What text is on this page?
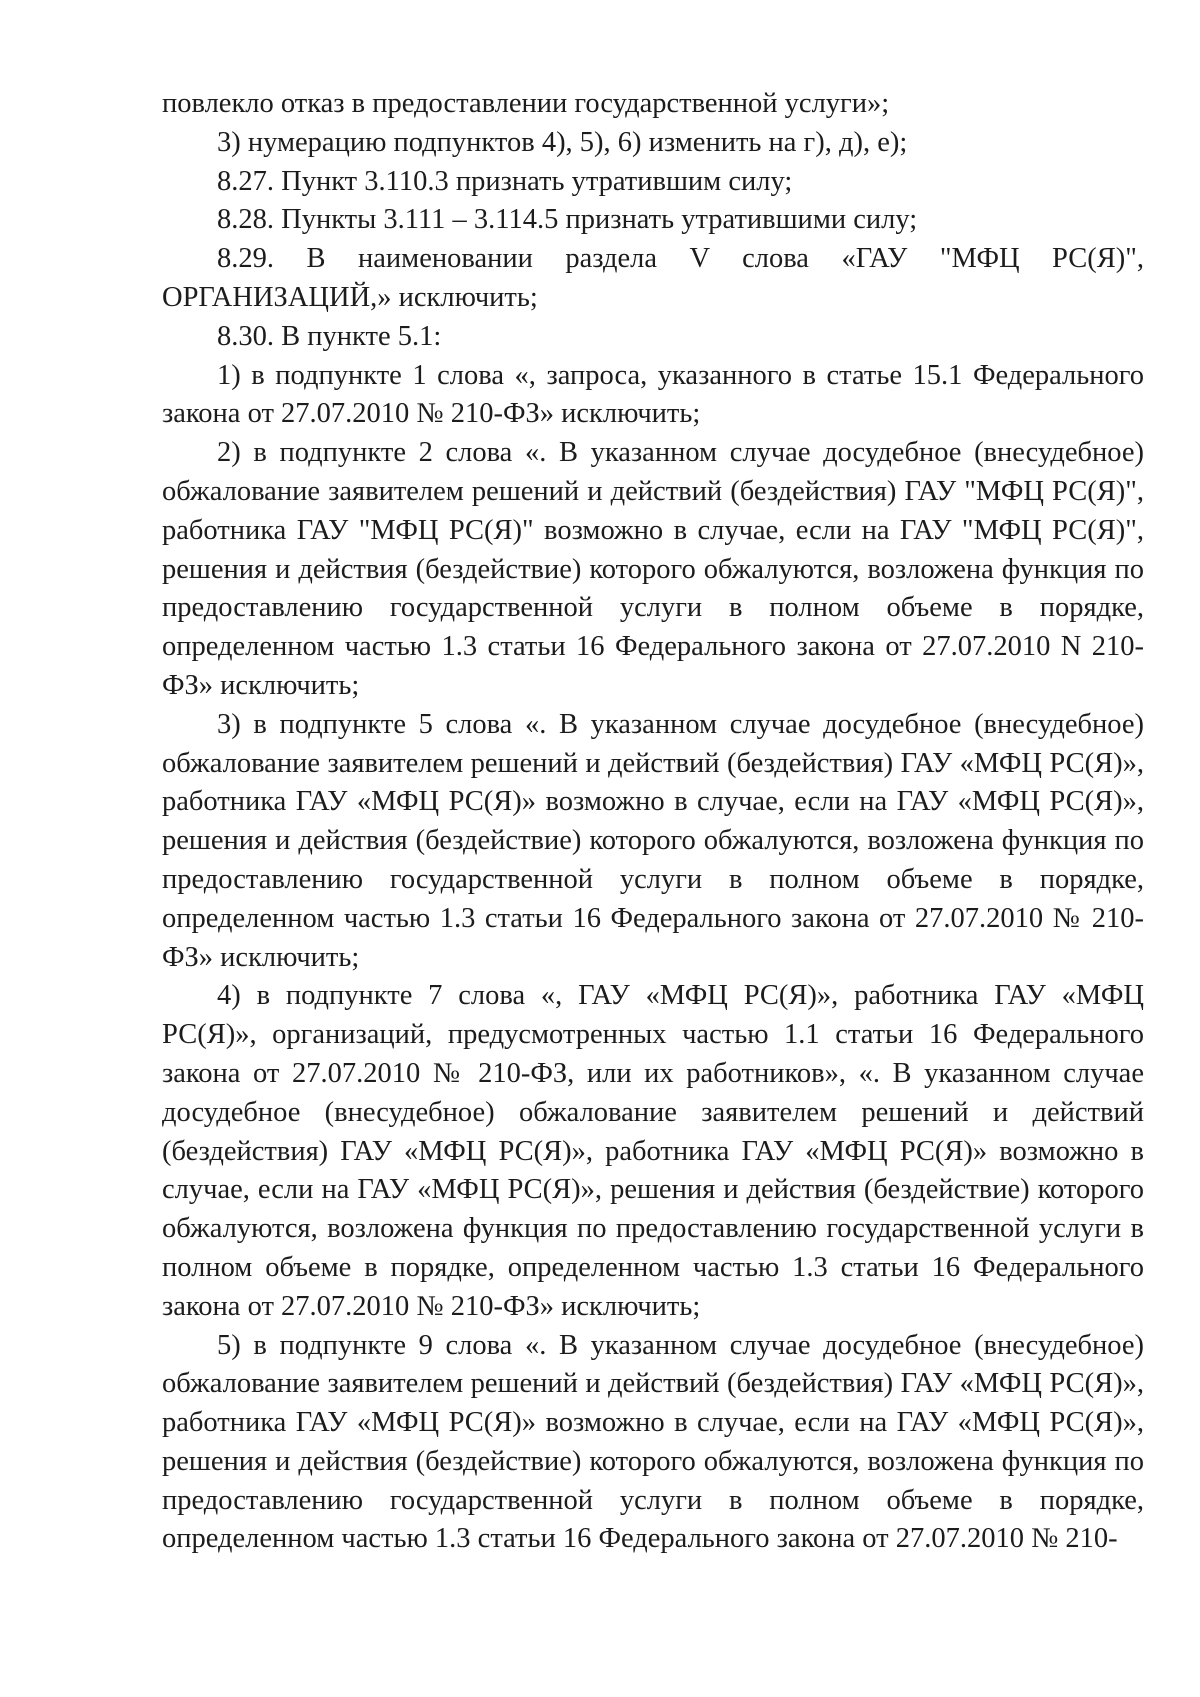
повлекло отказ в предоставлении государственной услуги»;

3) нумерацию подпунктов 4), 5), 6) изменить на г), д), е);

8.27. Пункт 3.110.3 признать утратившим силу;

8.28. Пункты 3.111 – 3.114.5 признать утратившими силу;

8.29. В наименовании раздела V слова «ГАУ "МФЦ РС(Я)", ОРГАНИЗАЦИЙ,» исключить;

8.30. В пункте 5.1:

1) в подпункте 1 слова «, запроса, указанного в статье 15.1 Федерального закона от 27.07.2010 № 210-ФЗ» исключить;

2) в подпункте 2 слова «. В указанном случае досудебное (внесудебное) обжалование заявителем решений и действий (бездействия) ГАУ "МФЦ РС(Я)", работника ГАУ "МФЦ РС(Я)" возможно в случае, если на ГАУ "МФЦ РС(Я)", решения и действия (бездействие) которого обжалуются, возложена функция по предоставлению государственной услуги в полном объеме в порядке, определенном частью 1.3 статьи 16 Федерального закона от 27.07.2010 N 210-ФЗ» исключить;

3) в подпункте 5 слова «. В указанном случае досудебное (внесудебное) обжалование заявителем решений и действий (бездействия) ГАУ «МФЦ РС(Я)», работника ГАУ «МФЦ РС(Я)» возможно в случае, если на ГАУ «МФЦ РС(Я)», решения и действия (бездействие) которого обжалуются, возложена функция по предоставлению государственной услуги в полном объеме в порядке, определенном частью 1.3 статьи 16 Федерального закона от 27.07.2010 № 210-ФЗ» исключить;

4) в подпункте 7 слова «, ГАУ «МФЦ РС(Я)», работника ГАУ «МФЦ РС(Я)», организаций, предусмотренных частью 1.1 статьи 16 Федерального закона от 27.07.2010 № 210-ФЗ, или их работников», «. В указанном случае досудебное (внесудебное) обжалование заявителем решений и действий (бездействия) ГАУ «МФЦ РС(Я)», работника ГАУ «МФЦ РС(Я)» возможно в случае, если на ГАУ «МФЦ РС(Я)», решения и действия (бездействие) которого обжалуются, возложена функция по предоставлению государственной услуги в полном объеме в порядке, определенном частью 1.3 статьи 16 Федерального закона от 27.07.2010 № 210-ФЗ» исключить;

5) в подпункте 9 слова «. В указанном случае досудебное (внесудебное) обжалование заявителем решений и действий (бездействия) ГАУ «МФЦ РС(Я)», работника ГАУ «МФЦ РС(Я)» возможно в случае, если на ГАУ «МФЦ РС(Я)», решения и действия (бездействие) которого обжалуются, возложена функция по предоставлению государственной услуги в полном объеме в порядке, определенном частью 1.3 статьи 16 Федерального закона от 27.07.2010 № 210-
